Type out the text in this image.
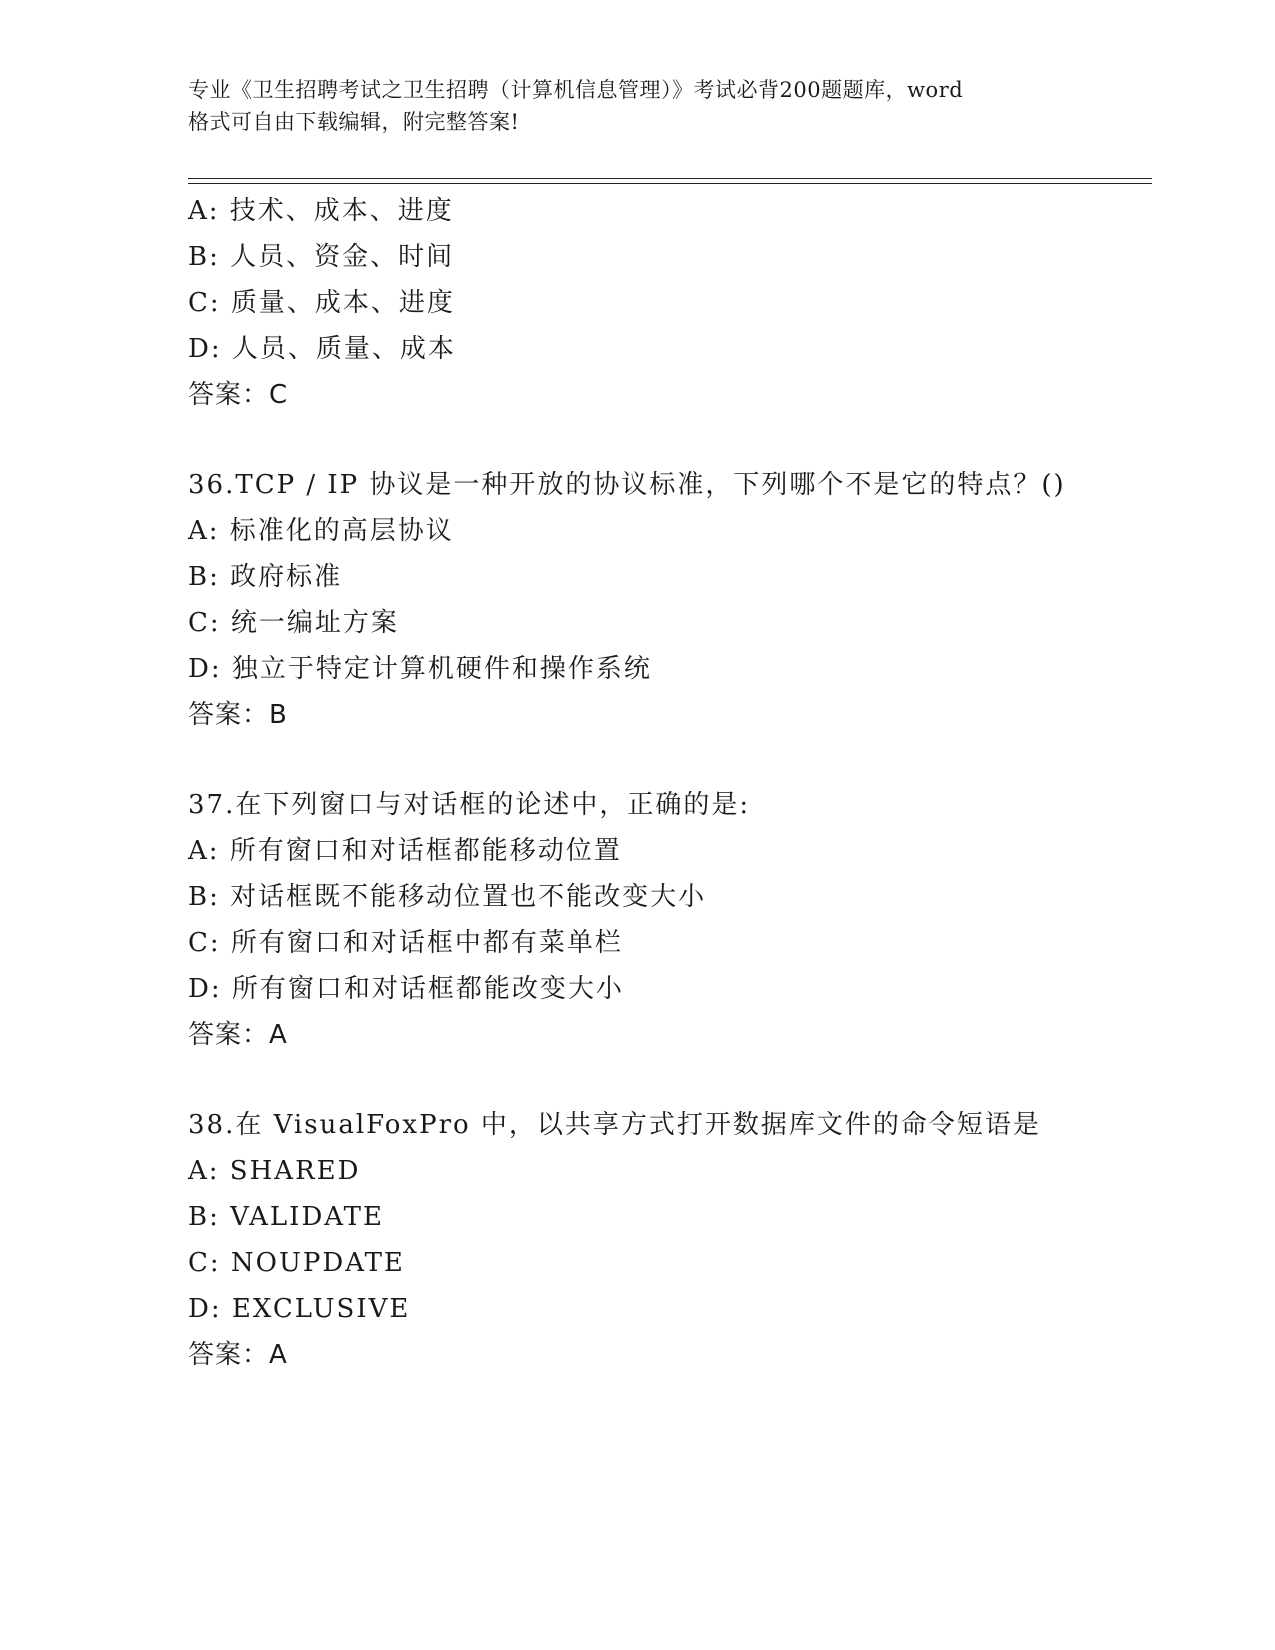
专业《卫生招聘考试之卫生招聘（计算机信息管理）》考试必背200题题库，word
格式可自由下载编辑，附完整答案!
A: 技术、成本、进度
B: 人员、资金、时间
C: 质量、成本、进度
D: 人员、质量、成本
答案：C
36.TCP / IP 协议是一种开放的协议标准，下列哪个不是它的特点？()
A: 标准化的高层协议
B: 政府标准
C: 统一编址方案
D: 独立于特定计算机硬件和操作系统
答案：B
37.在下列窗口与对话框的论述中，正确的是:
A: 所有窗口和对话框都能移动位置
B: 对话框既不能移动位置也不能改变大小
C: 所有窗口和对话框中都有菜单栏
D: 所有窗口和对话框都能改变大小
答案：A
38.在 VisualFoxPro 中，以共享方式打开数据库文件的命令短语是
A: SHARED
B: VALIDATE
C: NOUPDATE
D: EXCLUSIVE
答案：A
